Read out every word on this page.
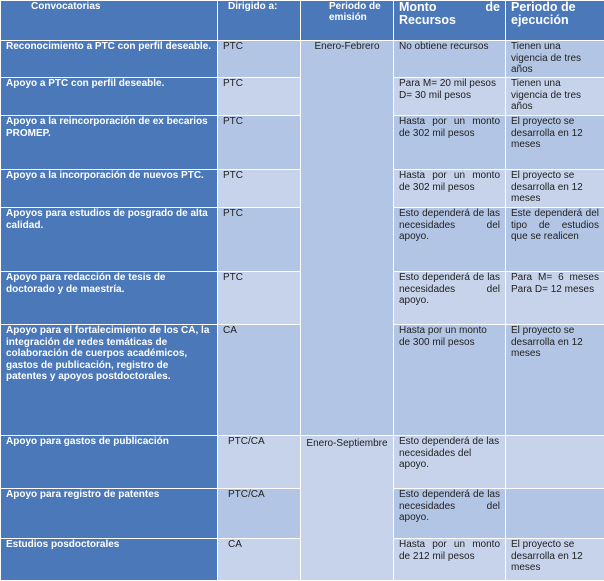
Convocatorias	Dirigido a:	Periodo de emisión	Monto de Recursos	Periodo de ejecución
Reconocimiento a PTC con perfil deseable.	PTC	Enero-Febrero	No obtiene recursos	Tienen una vigencia de tres años
Apoyo a PTC con perfil deseable.	PTC		Para M= 20 mil pesos D= 30 mil pesos	Tienen una vigencia de tres años
Apoyo a la reincorporación de ex becarios PROMEP.	PTC		Hasta por un monto de 302 mil pesos	El proyecto se desarrolla en 12 meses
Apoyo a la incorporación de nuevos PTC.	PTC		Hasta por un monto de 302 mil pesos	El proyecto se desarrolla en 12 meses
Apoyos para estudios de posgrado de alta calidad.	PTC		Esto dependerá de las necesidades del apoyo.	Este dependerá del tipo de estudios que se realicen
Apoyo para redacción de tesis de doctorado y de maestría.	PTC		Esto dependerá de las necesidades del apoyo.	Para M= 6 meses Para D= 12 meses
Apoyo para el fortalecimiento de los CA, la integración de redes temáticas de colaboración de cuerpos académicos, gastos de publicación, registro de patentes y apoyos postdoctorales.	CA		Hasta por un monto de 300 mil pesos	El proyecto se desarrolla en 12 meses
Apoyo para gastos de publicación	PTC/CA	Enero-Septiembre	Esto dependerá de las necesidades del apoyo.	
Apoyo para registro de patentes	PTC/CA		Esto dependerá de las necesidades del apoyo.	
Estudios posdoctorales	CA		Hasta por un monto de 212 mil pesos	El proyecto se desarrolla en 12 meses
